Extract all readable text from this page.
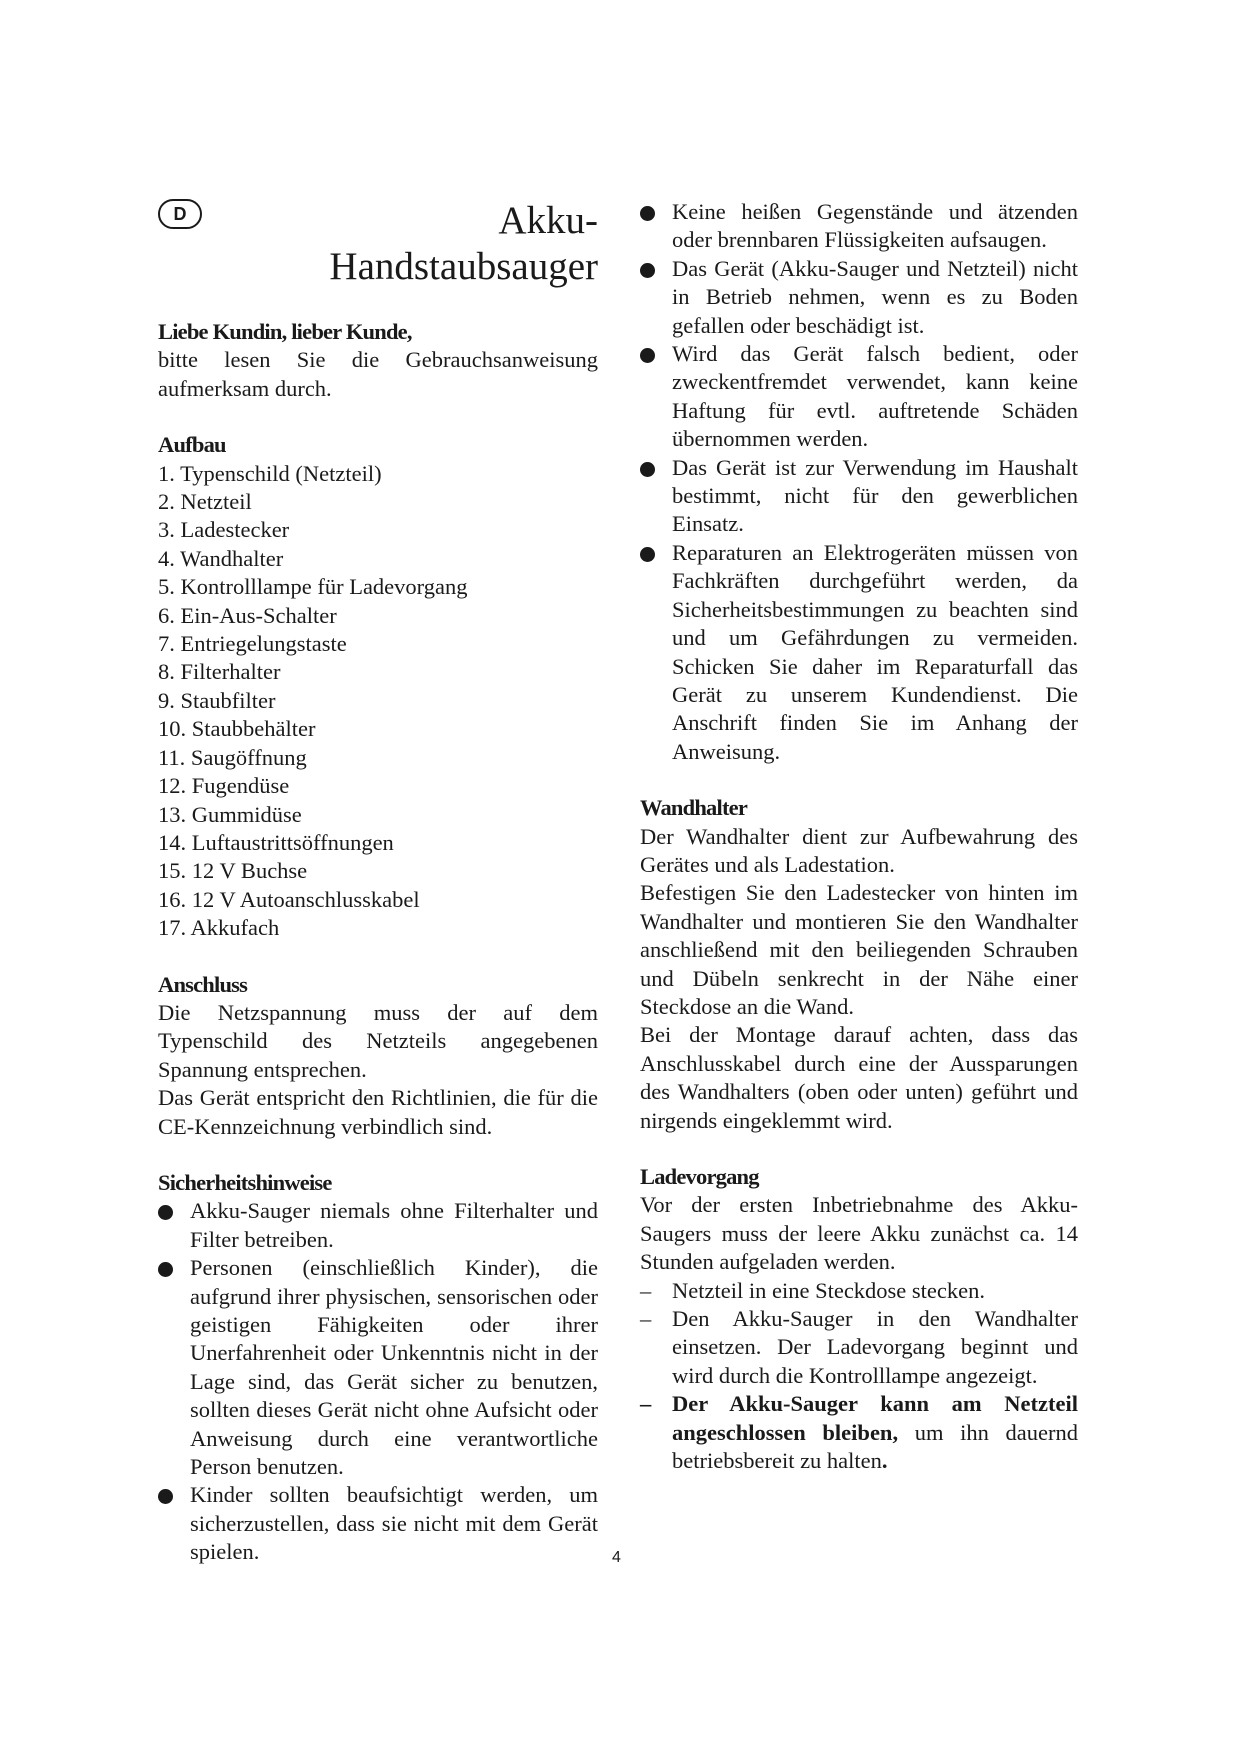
D	Akku-
Handstaubsauger

Liebe Kundin, lieber Kunde,

bitte lesen Sie die Gebrauchsanweisung aufmerksam durch.

Aufbau

1. Typenschild (Netzteil)
2. Netzteil
3. Ladestecker
4. Wandhalter
5. Kontrolllampe für Ladevorgang
6. Ein-Aus-Schalter
7. Entriegelungstaste
8. Filterhalter
9. Staubfilter
10. Staubbehälter
11. Saugöffnung
12. Fugendüse
13. Gummidüse
14. Luftaustrittsöffnungen
15. 12 V Buchse
16. 12 V Autoanschlusskabel
17. Akkufach

Anschluss

Die Netzspannung muss der auf dem Typenschild des Netzteils angegebenen Spannung entsprechen.

Das Gerät entspricht den Richtlinien, die für die CE-Kennzeichnung verbindlich sind.

Sicherheitshinweise

Akku-Sauger niemals ohne Filterhalter und Filter betreiben.
Personen (einschließlich Kinder), die aufgrund ihrer physischen, sensorischen oder geistigen Fähigkeiten oder ihrer Unerfahrenheit oder Unkenntnis nicht in der Lage sind, das Gerät sicher zu benutzen, sollten dieses Gerät nicht ohne Aufsicht oder Anweisung durch eine verantwortliche Person benutzen.
Kinder sollten beaufsichtigt werden, um sicherzustellen, dass sie nicht mit dem Gerät spielen.
Keine heißen Gegenstände und ätzenden oder brennbaren Flüssigkeiten aufsaugen.
Das Gerät (Akku-Sauger und Netzteil) nicht in Betrieb nehmen, wenn es zu Boden gefallen oder beschädigt ist.
Wird das Gerät falsch bedient, oder zweckentfremdet verwendet, kann keine Haftung für evtl. auftretende Schäden übernommen werden.
Das Gerät ist zur Verwendung im Haushalt bestimmt, nicht für den gewerblichen Einsatz.
Reparaturen an Elektrogeräten müssen von Fachkräften durchgeführt werden, da Sicherheitsbestimmungen zu beachten sind und um Gefährdungen zu vermeiden. Schicken Sie daher im Reparaturfall das Gerät zu unserem Kundendienst. Die Anschrift finden Sie im Anhang der Anweisung.

Wandhalter

Der Wandhalter dient zur Aufbewahrung des Gerätes und als Ladestation.

Befestigen Sie den Ladestecker von hinten im Wandhalter und montieren Sie den Wandhalter anschließend mit den beiliegenden Schrauben und Dübeln senkrecht in der Nähe einer Steckdose an die Wand.

Bei der Montage darauf achten, dass das Anschlusskabel durch eine der Aussparungen des Wandhalters (oben oder unten) geführt und nirgends eingeklemmt wird.

Ladevorgang

Vor der ersten Inbetriebnahme des Akku-Saugers muss der leere Akku zunächst ca. 14 Stunden aufgeladen werden.

– Netzteil in eine Steckdose stecken.
– Den Akku-Sauger in den Wandhalter einsetzen. Der Ladevorgang beginnt und wird durch die Kontrolllampe angezeigt.
– Der Akku-Sauger kann am Netzteil angeschlossen bleiben, um ihn dauernd betriebsbereit zu halten.
4
